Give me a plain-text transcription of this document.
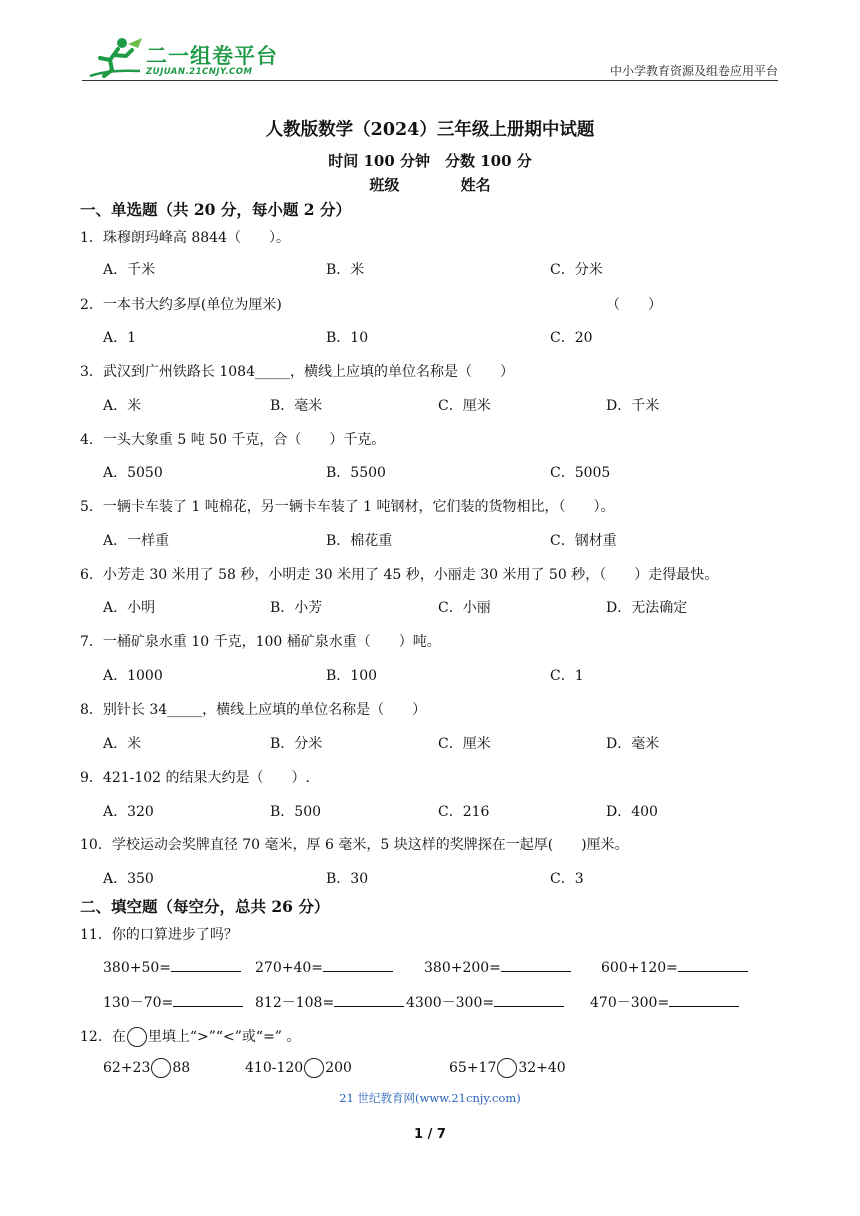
二一组卷平台
ZUJUAN.21CNJY.COM	中小学教育资源及组卷应用平台
人教版数学（2024）三年级上册期中试题
时间 100 分钟　分数 100 分
班级	姓名
一、单选题（共 20 分，每小题 2 分）
1．珠穆朗玛峰高 8844（　　）。
A．千米	B．米	C．分米
2．一本书大约多厚(单位为厘米)	（　　）
A．1	B．10	C．20
3．武汉到广州铁路长 1084_____，横线上应填的单位名称是（　　）
A．米	B．毫米	C．厘米	D．千米
4．一头大象重 5 吨 50 千克，合（　　）千克。
A．5050	B．5500	C．5005
5．一辆卡车装了 1 吨棉花，另一辆卡车装了 1 吨钢材，它们装的货物相比，（　　）。
A．一样重	B．棉花重	C．钢材重
6．小芳走 30 米用了 58 秒，小明走 30 米用了 45 秒，小丽走 30 米用了 50 秒，（　　）走得最快。
A．小明	B．小芳	C．小丽	D．无法确定
7．一桶矿泉水重 10 千克，100 桶矿泉水重（　　）吨。
A．1000	B．100	C．1
8．别针长 34_____，横线上应填的单位名称是（　　）
A．米	B．分米	C．厘米	D．毫米
9．421-102 的结果大约是（　　）.
A．320	B．500	C．216	D．400
10．学校运动会奖牌直径 70 毫米，厚 6 毫米，5 块这样的奖牌探在一起厚(　　)厘米。
A．350	B．30	C．3
二、填空题（每空分，总共 26 分）
11．你的口算进步了吗？
380+50=	270+40=	380+200=	600+120=
130－70=	812－108=	4300－300=	470－300=
12．在 里填上“>”“<”或“=” 。
62+23 88	410-120 200	65+17 32+40
21 世纪教育网(www.21cnjy.com)
1 / 7
